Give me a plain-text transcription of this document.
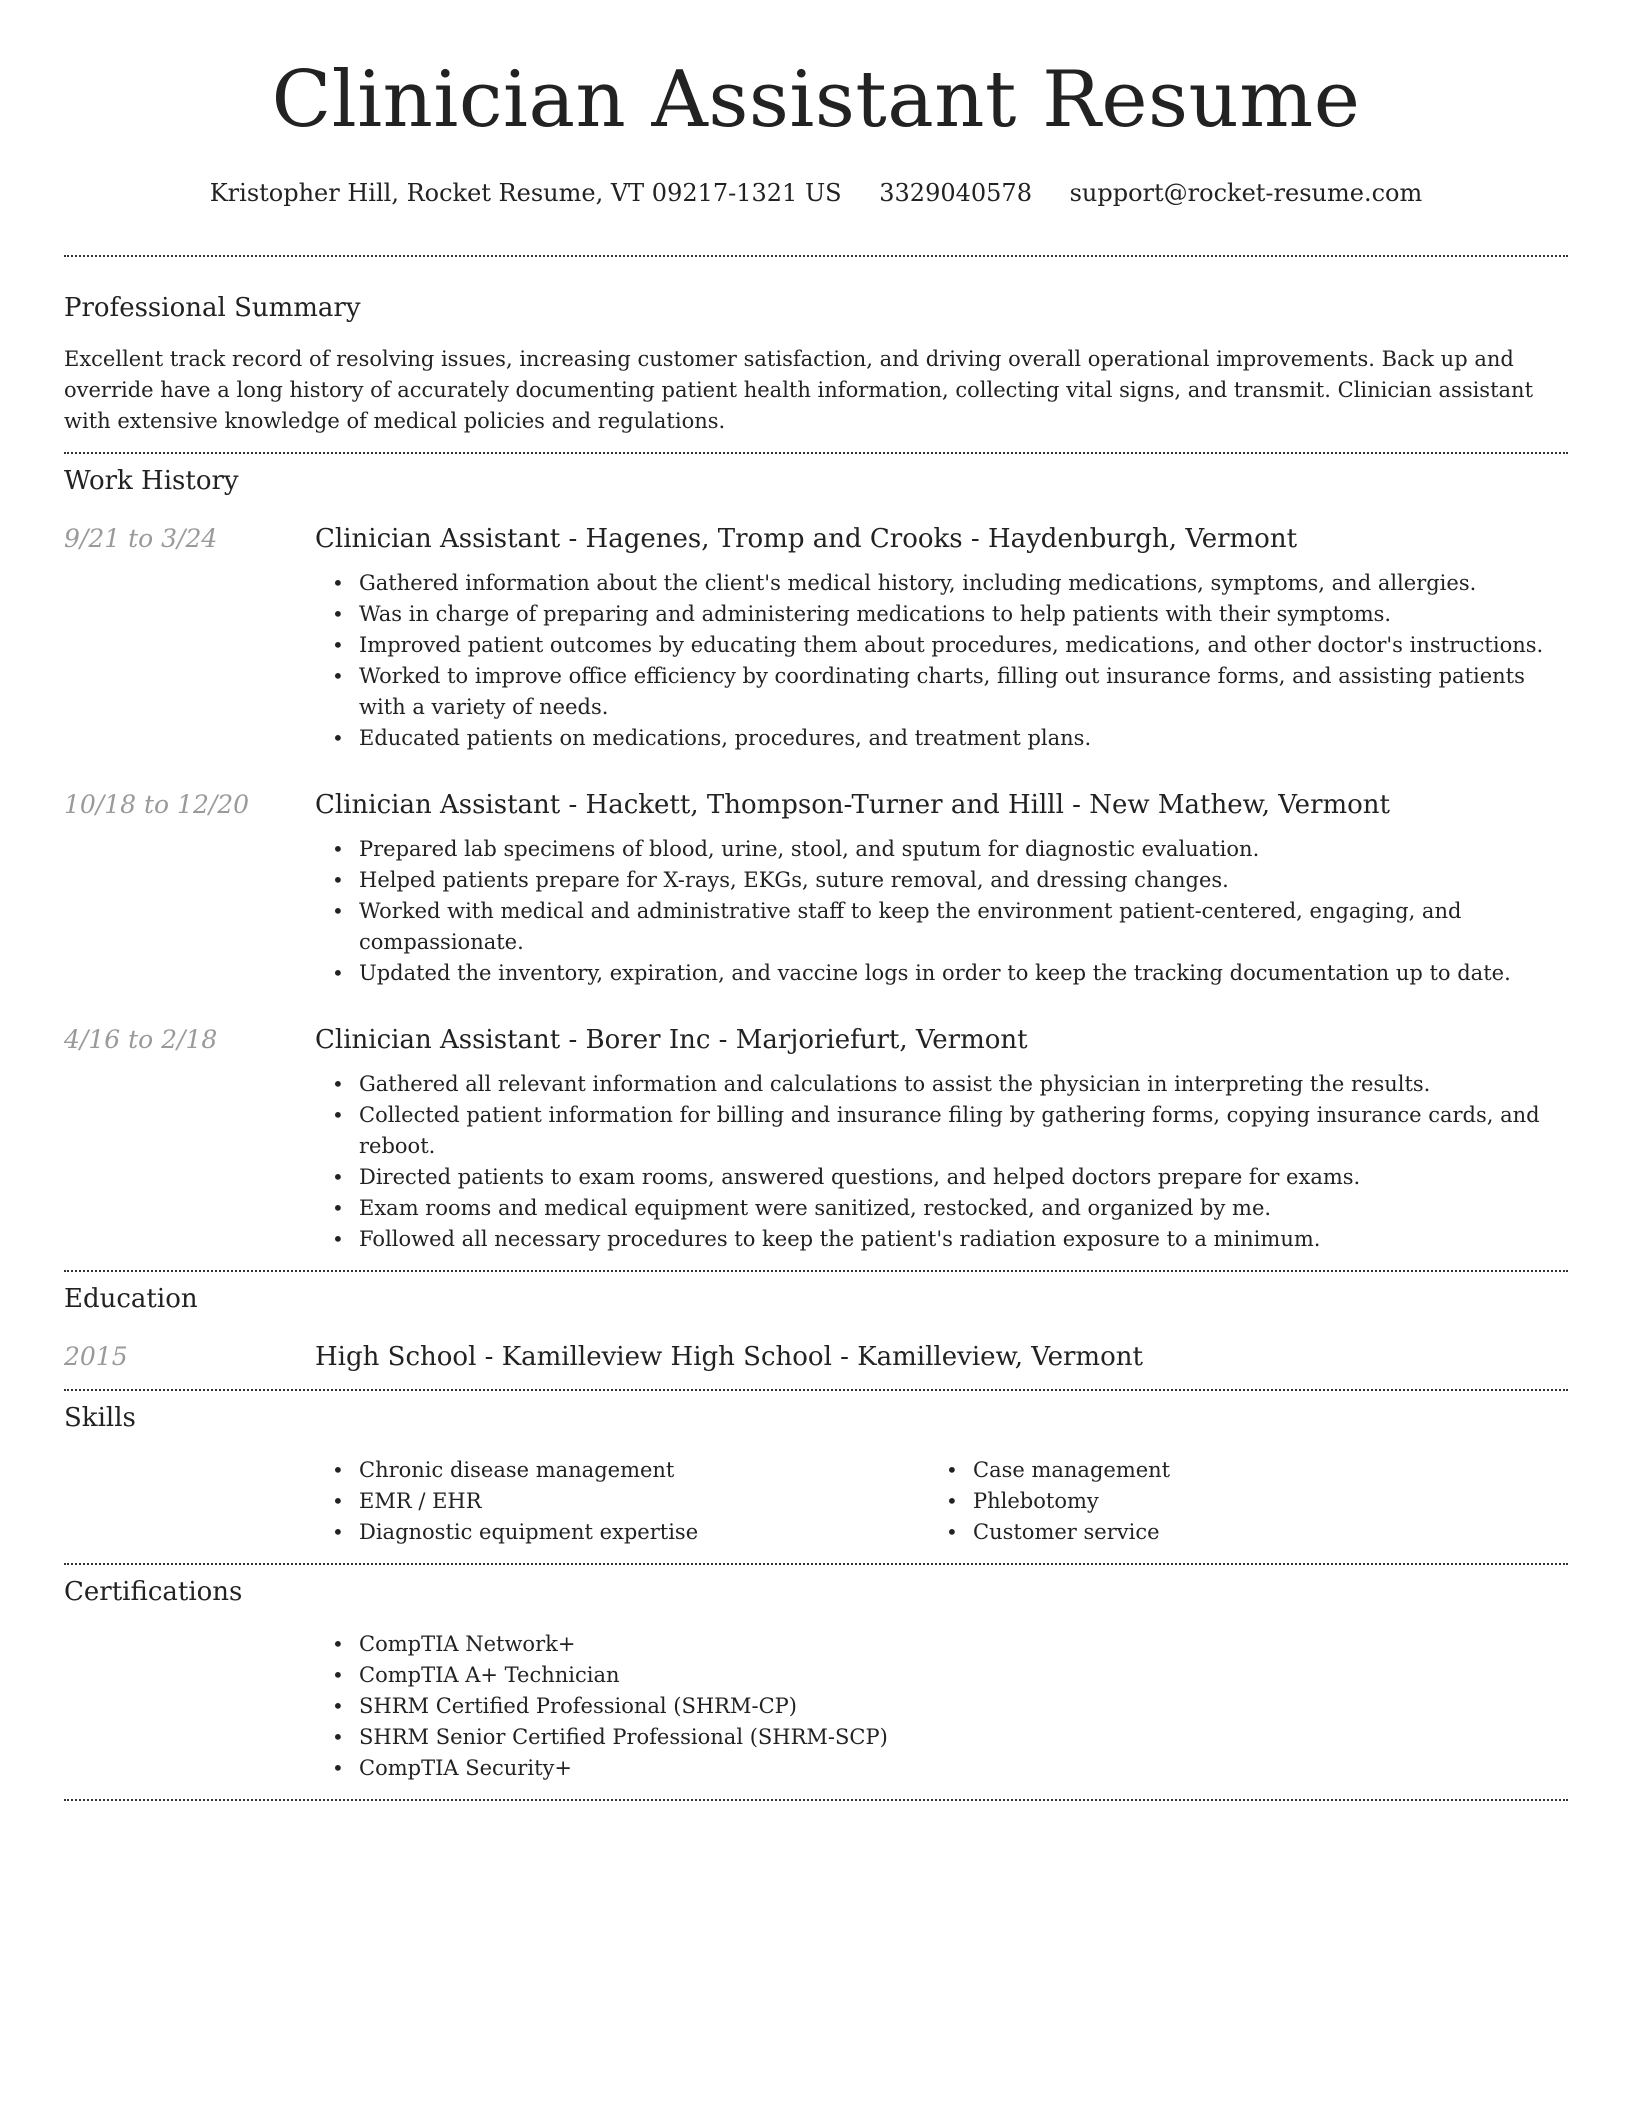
Clinician Assistant Resume
Kristopher Hill, Rocket Resume, VT 09217-1321 US 3329040578 support@rocket-resume.com
Professional Summary

Excellent track record of resolving issues, increasing customer satisfaction, and driving overall operational improvements. Back up and override have a long history of accurately documenting patient health information, collecting vital signs, and transmit. Clinician assistant with extensive knowledge of medical policies and regulations.

Work History
9/21 to 3/24	Clinician Assistant - Hagenes, Tromp and Crooks - Haydenburgh, Vermont
• Gathered information about the client's medical history, including medications, symptoms, and allergies.
• Was in charge of preparing and administering medications to help patients with their symptoms.
• Improved patient outcomes by educating them about procedures, medications, and other doctor's instructions.
• Worked to improve office efficiency by coordinating charts, filling out insurance forms, and assisting patients with a variety of needs.
• Educated patients on medications, procedures, and treatment plans.
10/18 to 12/20	Clinician Assistant - Hackett, Thompson-Turner and Hilll - New Mathew, Vermont
• Prepared lab specimens of blood, urine, stool, and sputum for diagnostic evaluation.
• Helped patients prepare for X-rays, EKGs, suture removal, and dressing changes.
• Worked with medical and administrative staff to keep the environment patient-centered, engaging, and compassionate.
• Updated the inventory, expiration, and vaccine logs in order to keep the tracking documentation up to date.
4/16 to 2/18	Clinician Assistant - Borer Inc - Marjoriefurt, Vermont
• Gathered all relevant information and calculations to assist the physician in interpreting the results.
• Collected patient information for billing and insurance filing by gathering forms, copying insurance cards, and reboot.
• Directed patients to exam rooms, answered questions, and helped doctors prepare for exams.
• Exam rooms and medical equipment were sanitized, restocked, and organized by me.
• Followed all necessary procedures to keep the patient's radiation exposure to a minimum.
Education
2015	High School - Kamilleview High School - Kamilleview, Vermont
Skills
• Chronic disease management
• EMR / EHR
• Diagnostic equipment expertise
• Case management
• Phlebotomy
• Customer service
Certifications
• CompTIA Network+
• CompTIA A+ Technician
• SHRM Certified Professional (SHRM-CP)
• SHRM Senior Certified Professional (SHRM-SCP)
• CompTIA Security+
